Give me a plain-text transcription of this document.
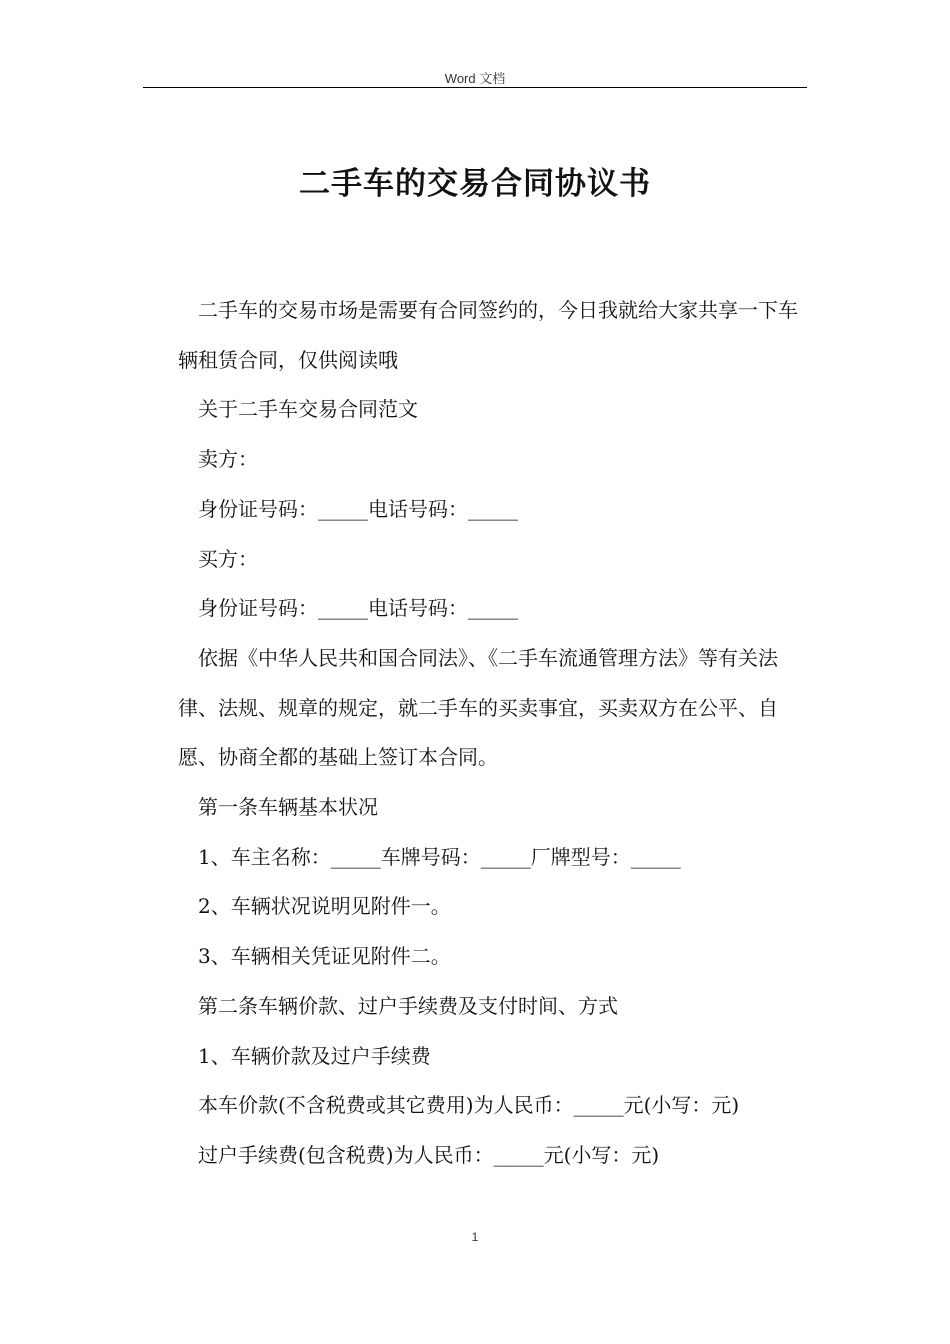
Word 文档
二手车的交易合同协议书

二手车的交易市场是需要有合同签约的，今日我就给大家共享一下车辆租赁合同，仅供阅读哦

关于二手车交易合同范文

卖方：

身份证号码：_____电话号码：_____

买方：

身份证号码：_____电话号码：_____

依据《中华人民共和国合同法》、《二手车流通管理方法》等有关法律、法规、规章的规定，就二手车的买卖事宜，买卖双方在公平、自愿、协商全都的基础上签订本合同。

第一条车辆基本状况

1、车主名称：_____车牌号码：_____厂牌型号：_____

2、车辆状况说明见附件一。

3、车辆相关凭证见附件二。

第二条车辆价款、过户手续费及支付时间、方式

1、车辆价款及过户手续费

本车价款(不含税费或其它费用)为人民币：_____元(小写：元)

过户手续费(包含税费)为人民币：_____元(小写：元)

1
